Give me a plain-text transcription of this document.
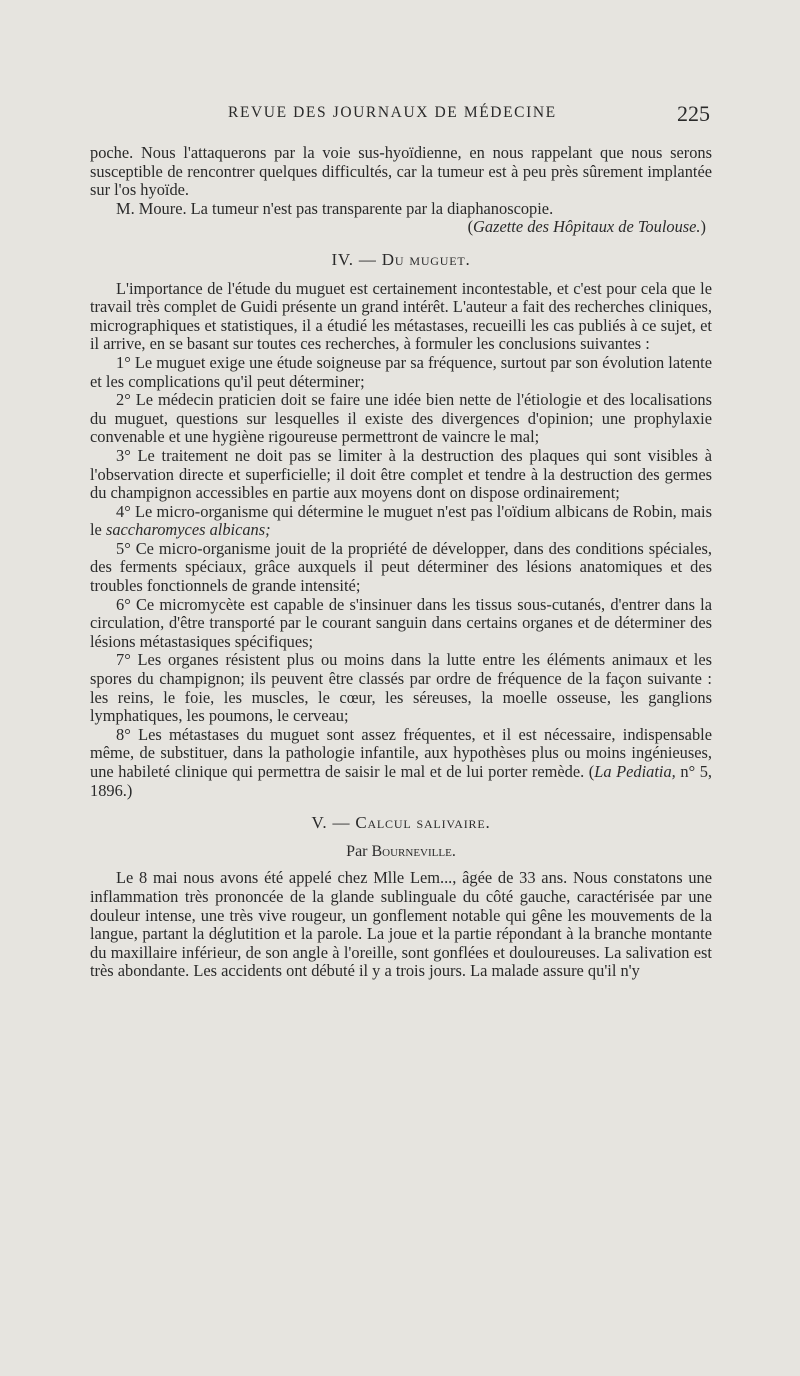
REVUE DES JOURNAUX DE MÉDECINE	225

poche. Nous l'attaquerons par la voie sus-hyoïdienne, en nous rappelant que nous serons susceptible de rencontrer quelques difficultés, car la tumeur est à peu près sûrement implantée sur l'os hyoïde.

M. Moure. La tumeur n'est pas transparente par la diaphanoscopie.

(Gazette des Hôpitaux de Toulouse.)

IV. — Du muguet.

L'importance de l'étude du muguet est certainement incontestable, et c'est pour cela que le travail très complet de Guidi présente un grand intérêt. L'auteur a fait des recherches cliniques, micrographiques et statistiques, il a étudié les métastases, recueilli les cas publiés à ce sujet, et il arrive, en se basant sur toutes ces recherches, à formuler les conclusions suivantes :

1° Le muguet exige une étude soigneuse par sa fréquence, surtout par son évolution latente et les complications qu'il peut déterminer;

2° Le médecin praticien doit se faire une idée bien nette de l'étiologie et des localisations du muguet, questions sur lesquelles il existe des divergences d'opinion; une prophylaxie convenable et une hygiène rigoureuse permettront de vaincre le mal;

3° Le traitement ne doit pas se limiter à la destruction des plaques qui sont visibles à l'observation directe et superficielle; il doit être complet et tendre à la destruction des germes du champignon accessibles en partie aux moyens dont on dispose ordinairement;

4° Le micro-organisme qui détermine le muguet n'est pas l'oïdium albicans de Robin, mais le saccharomyces albicans;

5° Ce micro-organisme jouit de la propriété de développer, dans des conditions spéciales, des ferments spéciaux, grâce auxquels il peut déterminer des lésions anatomiques et des troubles fonctionnels de grande intensité;

6° Ce micromycète est capable de s'insinuer dans les tissus sous-cutanés, d'entrer dans la circulation, d'être transporté par le courant sanguin dans certains organes et de déterminer des lésions métastasiques spécifiques;

7° Les organes résistent plus ou moins dans la lutte entre les éléments animaux et les spores du champignon; ils peuvent être classés par ordre de fréquence de la façon suivante : les reins, le foie, les muscles, le cœur, les séreuses, la moelle osseuse, les ganglions lymphatiques, les poumons, le cerveau;

8° Les métastases du muguet sont assez fréquentes, et il est nécessaire, indispensable même, de substituer, dans la pathologie infantile, aux hypothèses plus ou moins ingénieuses, une habileté clinique qui permettra de saisir le mal et de lui porter remède. (La Pediatia, n° 5, 1896.)

V. — Calcul salivaire.
Par Bourneville.

Le 8 mai nous avons été appelé chez Mlle Lem..., âgée de 33 ans. Nous constatons une inflammation très prononcée de la glande sublinguale du côté gauche, caractérisée par une douleur intense, une très vive rougeur, un gonflement notable qui gêne les mouvements de la langue, partant la déglutition et la parole. La joue et la partie répondant à la branche montante du maxillaire inférieur, de son angle à l'oreille, sont gonflées et douloureuses. La salivation est très abondante. Les accidents ont débuté il y a trois jours. La malade assure qu'il n'y
